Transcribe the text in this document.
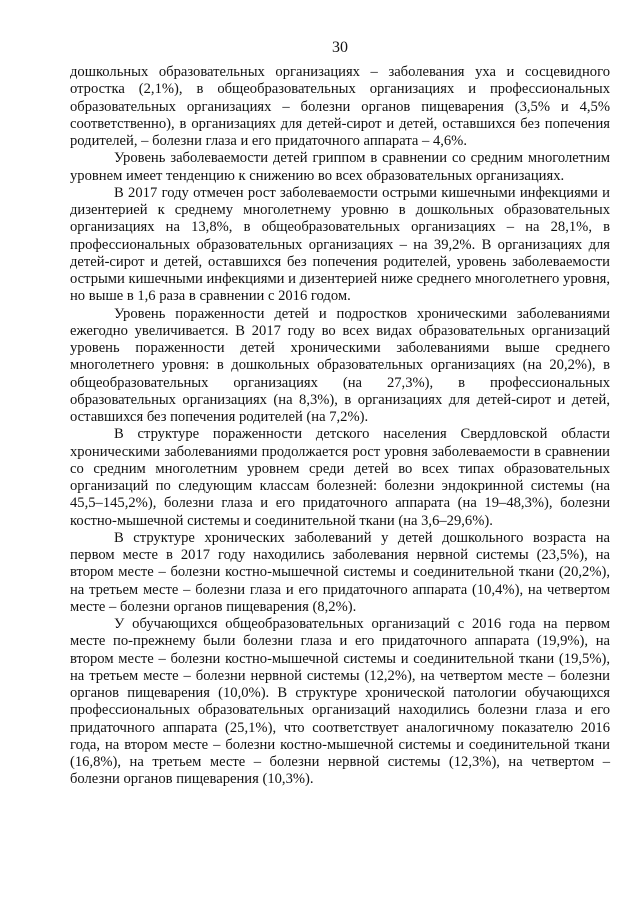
30

дошкольных образовательных организациях – заболевания уха и сосцевидного отростка (2,1%), в общеобразовательных организациях и профессиональных образовательных организациях – болезни органов пищеварения (3,5% и 4,5% соответственно), в организациях для детей-сирот и детей, оставшихся без попечения родителей, – болезни глаза и его придаточного аппарата – 4,6%.

Уровень заболеваемости детей гриппом в сравнении со средним многолетним уровнем имеет тенденцию к снижению во всех образовательных организациях.

В 2017 году отмечен рост заболеваемости острыми кишечными инфекциями и дизентерией к среднему многолетнему уровню в дошкольных образовательных организациях на 13,8%, в общеобразовательных организациях – на 28,1%, в профессиональных образовательных организациях – на 39,2%. В организациях для детей-сирот и детей, оставшихся без попечения родителей, уровень заболеваемости острыми кишечными инфекциями и дизентерией ниже среднего многолетнего уровня, но выше в 1,6 раза в сравнении с 2016 годом.

Уровень пораженности детей и подростков хроническими заболеваниями ежегодно увеличивается. В 2017 году во всех видах образовательных организаций уровень пораженности детей хроническими заболеваниями выше среднего многолетнего уровня: в дошкольных образовательных организациях (на 20,2%), в общеобразовательных организациях (на 27,3%), в профессиональных образовательных организациях (на 8,3%), в организациях для детей-сирот и детей, оставшихся без попечения родителей (на 7,2%).

В структуре пораженности детского населения Свердловской области хроническими заболеваниями продолжается рост уровня заболеваемости в сравнении со средним многолетним уровнем среди детей во всех типах образовательных организаций по следующим классам болезней: болезни эндокринной системы (на 45,5–145,2%), болезни глаза и его придаточного аппарата (на 19–48,3%), болезни костно-мышечной системы и соединительной ткани (на 3,6–29,6%).

В структуре хронических заболеваний у детей дошкольного возраста на первом месте в 2017 году находились заболевания нервной системы (23,5%), на втором месте – болезни костно-мышечной системы и соединительной ткани (20,2%), на третьем месте – болезни глаза и его придаточного аппарата (10,4%), на четвертом месте – болезни органов пищеварения (8,2%).

У обучающихся общеобразовательных организаций с 2016 года на первом месте по-прежнему были болезни глаза и его придаточного аппарата (19,9%), на втором месте – болезни костно-мышечной системы и соединительной ткани (19,5%), на третьем месте – болезни нервной системы (12,2%), на четвертом месте – болезни органов пищеварения (10,0%). В структуре хронической патологии обучающихся профессиональных образовательных организаций находились болезни глаза и его придаточного аппарата (25,1%), что соответствует аналогичному показателю 2016 года, на втором месте – болезни костно-мышечной системы и соединительной ткани (16,8%), на третьем месте – болезни нервной системы (12,3%), на четвертом – болезни органов пищеварения (10,3%).
